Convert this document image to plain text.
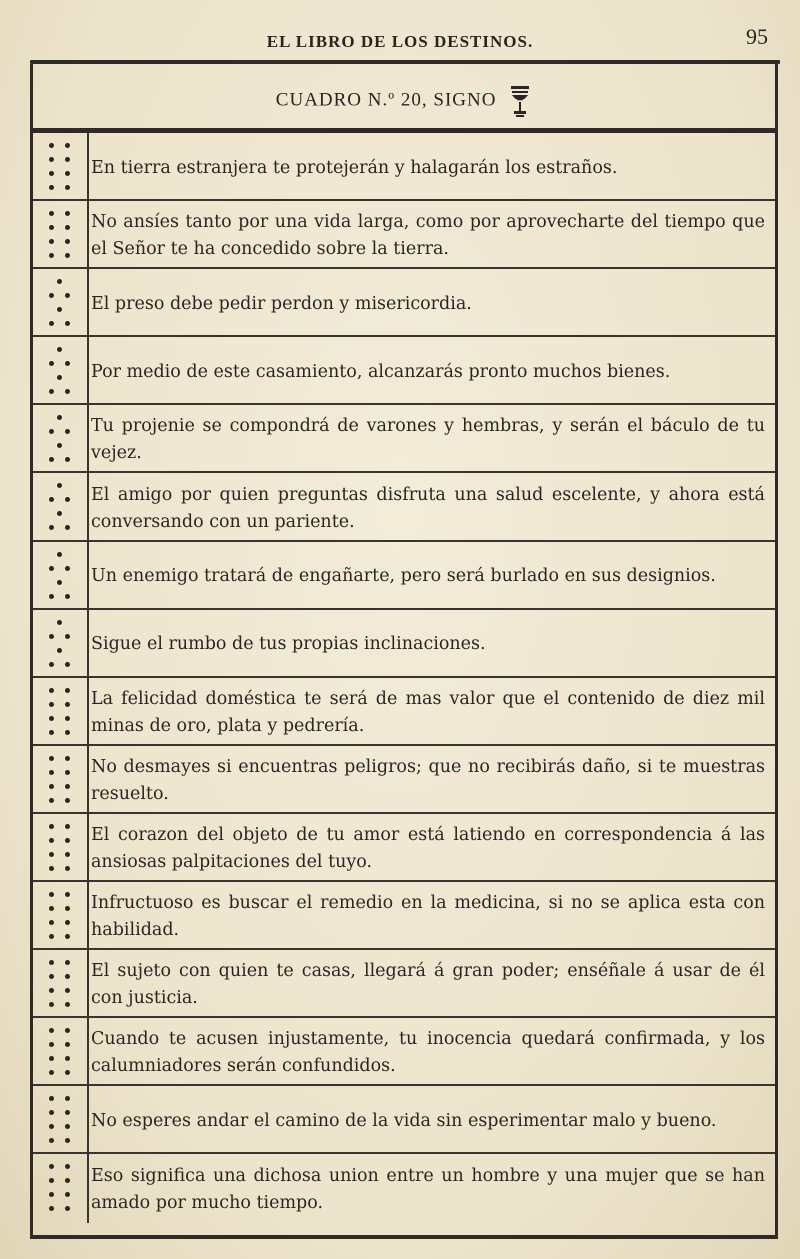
EL LIBRO DE LOS DESTINOS.	95
CUADRO N.º 20, SIGNO
En tierra estranjera te protejerán y halagarán los estraños.
No ansíes tanto por una vida larga, como por aprovecharte del tiempo que el Señor te ha concedido sobre la tierra.
El preso debe pedir perdon y misericordia.
Por medio de este casamiento, alcanzarás pronto muchos bienes.
Tu projenie se compondrá de varones y hembras, y serán el báculo de tu vejez.
El amigo por quien preguntas disfruta una salud escelente, y ahora está conversando con un pariente.
Un enemigo tratará de engañarte, pero será burlado en sus designios.
Sigue el rumbo de tus propias inclinaciones.
La felicidad doméstica te será de mas valor que el contenido de diez mil minas de oro, plata y pedrería.
No desmayes si encuentras peligros; que no recibirás daño, si te muestras resuelto.
El corazon del objeto de tu amor está latiendo en correspondencia á las ansiosas palpitaciones del tuyo.
Infructuoso es buscar el remedio en la medicina, si no se aplica esta con habilidad.
El sujeto con quien te casas, llegará á gran poder; enséñale á usar de él con justicia.
Cuando te acusen injustamente, tu inocencia quedará confirmada, y los calumniadores serán confundidos.
No esperes andar el camino de la vida sin esperimentar malo y bueno.
Eso significa una dichosa union entre un hombre y una mujer que se han amado por mucho tiempo.
